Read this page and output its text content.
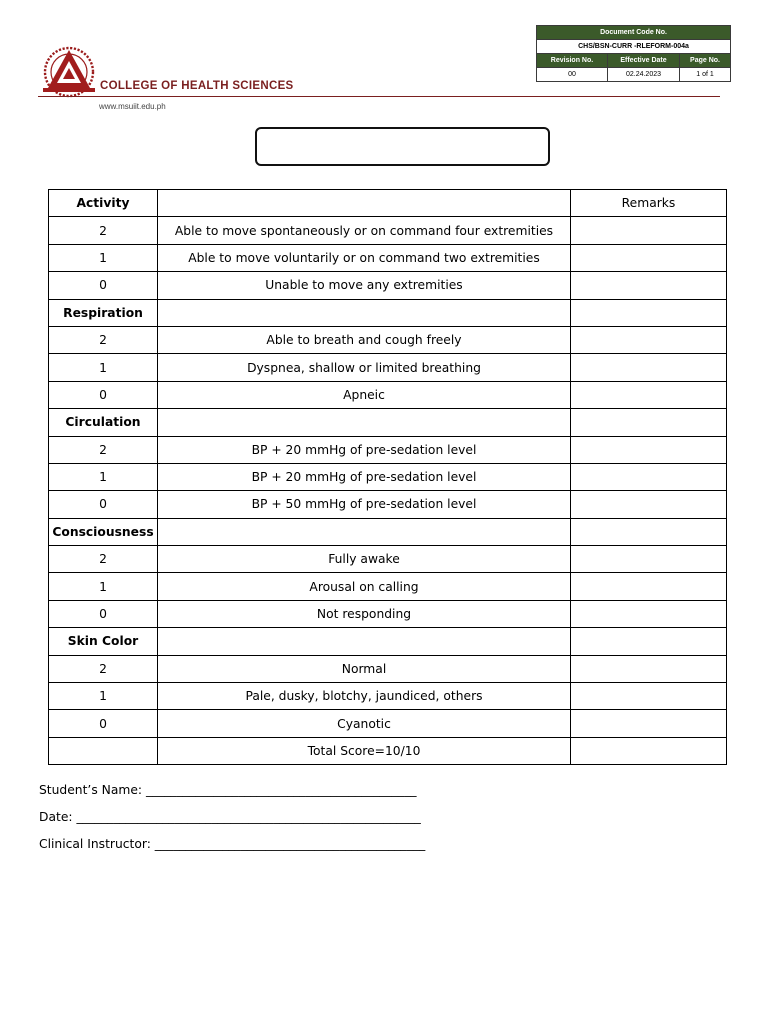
COLLEGE OF HEALTH SCIENCES
www.msuiit.edu.ph
Document Code No.		
CHS/BSN-CURR -RLEFORM-004a		
Revision No.	Effective Date	Page No.
00	02.24.2023	1 of 1
Activity		Remarks
2	Able to move spontaneously or on command four extremities	
1	Able to move voluntarily or on command two extremities	
0	Unable to move any extremities	
Respiration		
2	Able to breath and cough freely	
1	Dyspnea, shallow or limited breathing	
0	Apneic	
Circulation		
2	BP + 20 mmHg of pre-sedation level	
1	BP + 20 mmHg of pre-sedation level	
0	BP + 50 mmHg of pre-sedation level	
Consciousness		
2	Fully awake	
1	Arousal on calling	
0	Not responding	
Skin Color		
2	Normal	
1	Pale, dusky, blotchy, jaundiced, others	
0	Cyanotic	
	Total Score=10/10	
Student’s Name: ____________________________________________
Date: ________________________________________________________
Clinical Instructor: ____________________________________________
